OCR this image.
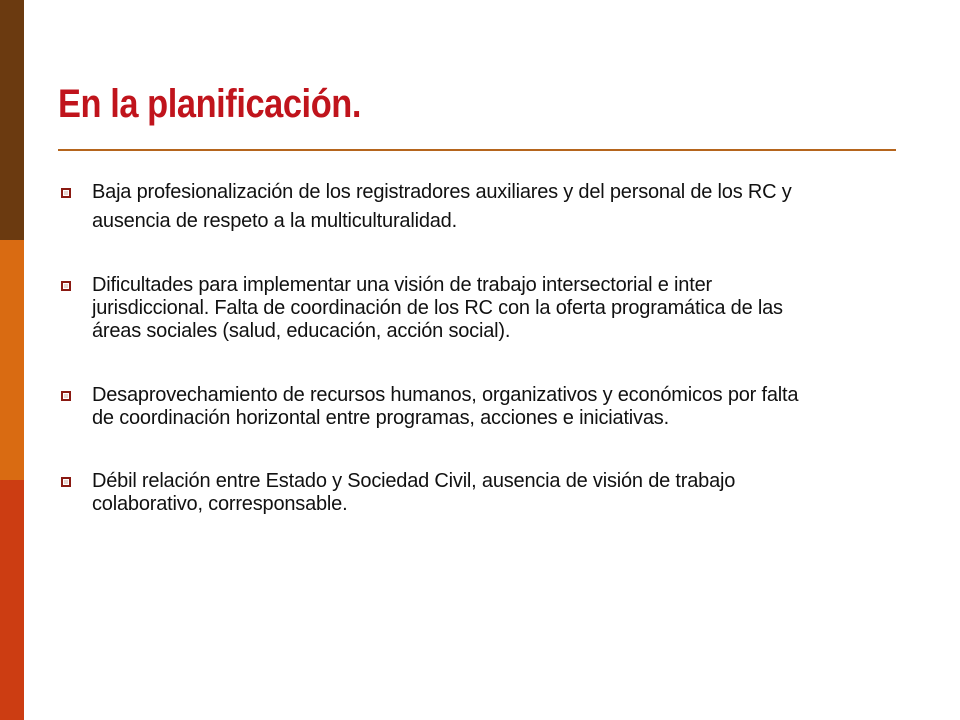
En la planificación.
Baja profesionalización de los registradores auxiliares y del personal de los RC y
ausencia de respeto a la multiculturalidad.
Dificultades para implementar una visión de trabajo intersectorial e inter
jurisdiccional. Falta de coordinación de los RC con la oferta programática de las
áreas sociales (salud, educación, acción social).
Desaprovechamiento de recursos humanos, organizativos y económicos por falta
de coordinación horizontal entre programas, acciones e iniciativas.
Débil relación entre Estado y Sociedad Civil, ausencia de visión de trabajo
colaborativo, corresponsable.
